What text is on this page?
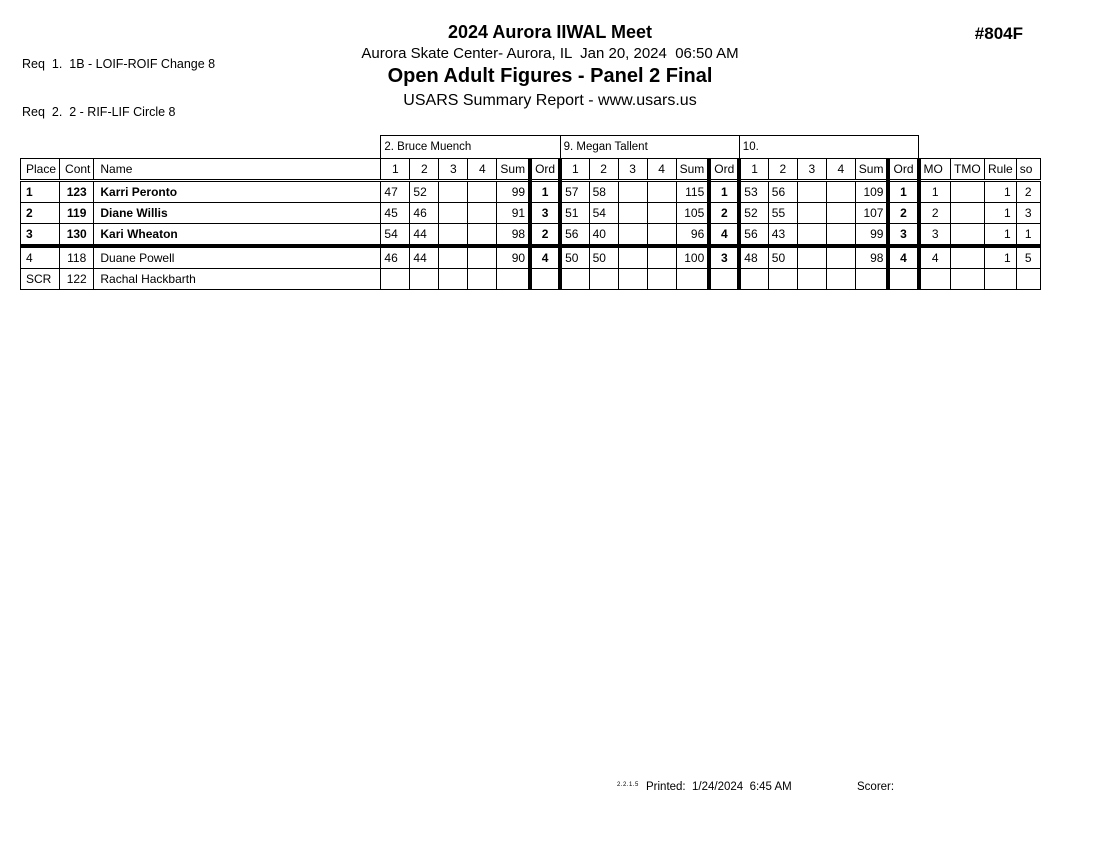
Req  1.  1B - LOIF-ROIF Change 8

Req  2.  2 - RIF-LIF Circle 8

2024 Aurora IIWAL Meet
Aurora Skate Center- Aurora, IL  Jan 20, 2024  06:50 AM
Open Adult Figures - Panel 2 Final
USARS Summary Report - www.usars.us
#804F
			2. Bruce Muench						9. Megan Tallent						10.									
Place	Cont	Name	1	2	3	4	Sum	Ord	1	2	3	4	Sum	Ord	1	2	3	4	Sum	Ord	MO	TMO	Rule	so
1	123	Karri Peronto	47	52			99	1	57	58			115	1	53	56			109	1	1		1	2
2	119	Diane Willis	45	46			91	3	51	54			105	2	52	55			107	2	2		1	3
3	130	Kari Wheaton	54	44			98	2	56	40			96	4	56	43			99	3	3		1	1
4	118	Duane Powell	46	44			90	4	50	50			100	3	48	50			98	4	4		1	5
SCR	122	Rachal Hackbarth																						
2.2.1.5 Printed:  1/24/2024  6:45 AM	Scorer:
